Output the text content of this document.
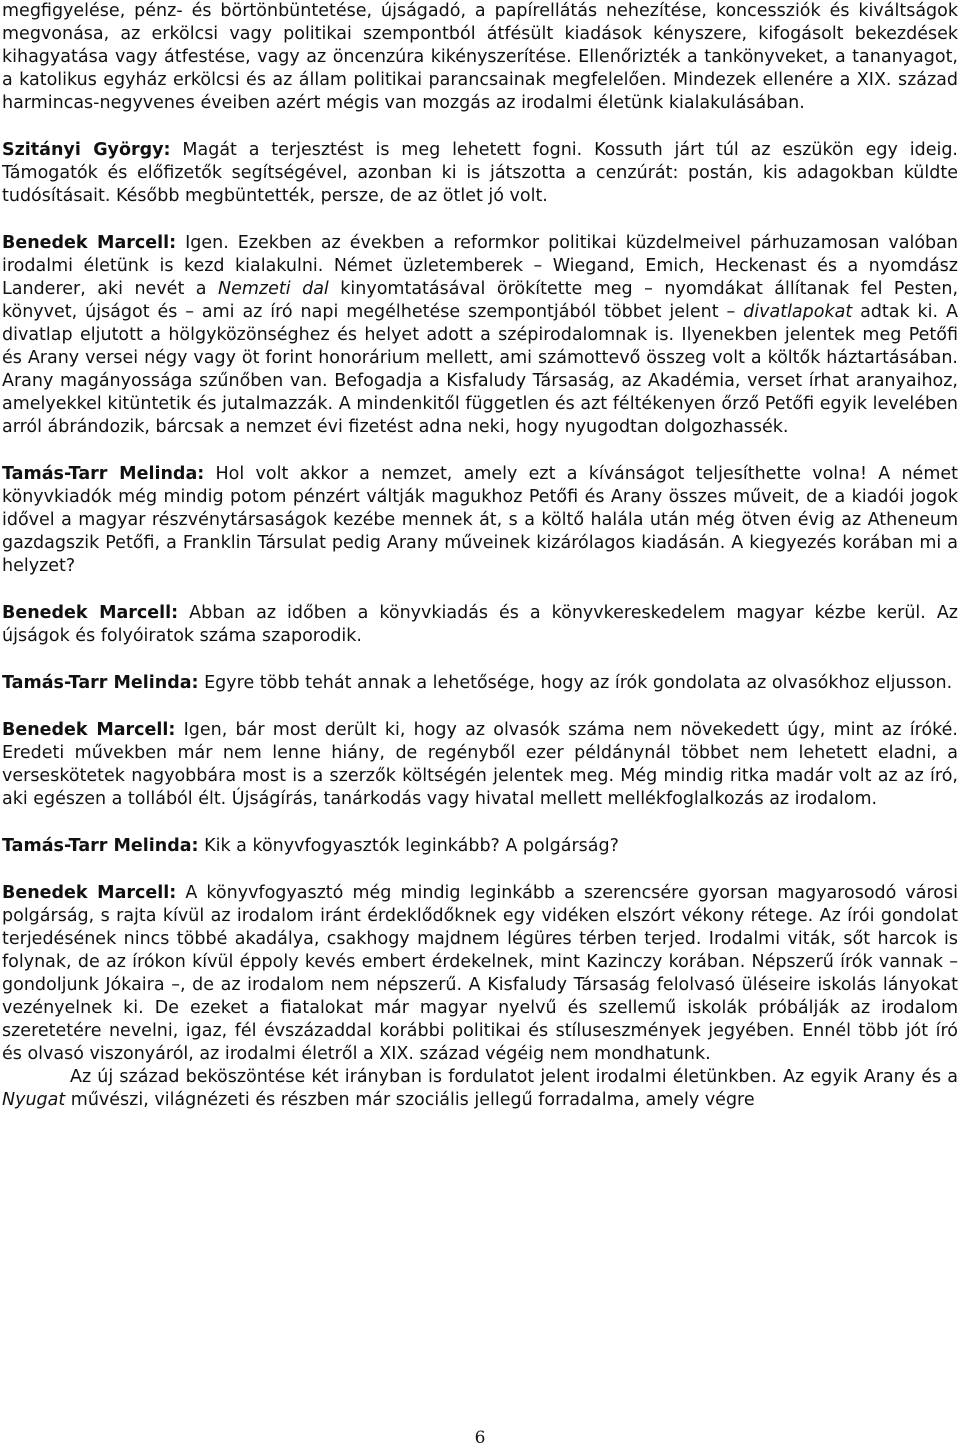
megfigyelése, pénz- és börtönbüntetése, újságadó, a papírellátás nehezítése, koncessziók és kiváltságok megvonása, az erkölcsi vagy politikai szempontból átfésült kiadások kényszere, kifogásolt bekezdések kihagyatása vagy átfestése, vagy az öncenzúra kikényszerítése. Ellenőrizték a tankönyveket, a tananyagot, a katolikus egyház erkölcsi és az állam politikai parancsainak megfelelően. Mindezek ellenére a XIX. század harmincas-negyvenes éveiben azért mégis van mozgás az irodalmi életünk kialakulásában.

Szitányi György: Magát a terjesztést is meg lehetett fogni. Kossuth járt túl az eszükön egy ideig. Támogatók és előfizetők segítségével, azonban ki is játszotta a cenzúrát: postán, kis adagokban küldte tudósításait. Később megbüntették, persze, de az ötlet jó volt.

Benedek Marcell: Igen. Ezekben az években a reformkor politikai küzdelmeivel párhuzamosan valóban irodalmi életünk is kezd kialakulni. Német üzletemberek – Wiegand, Emich, Heckenast és a nyomdász Landerer, aki nevét a Nemzeti dal kinyomtatásával örökítette meg – nyomdákat állítanak fel Pesten, könyvet, újságot és – ami az író napi megélhetése szempontjából többet jelent – divatlapokat adtak ki. A divatlap eljutott a hölgyközönséghez és helyet adott a szépirodalomnak is. Ilyenekben jelentek meg Petőfi és Arany versei négy vagy öt forint honorárium mellett, ami számottevő összeg volt a költők háztartásában. Arany magányossága szűnőben van. Befogadja a Kisfaludy Társaság, az Akadémia, verset írhat aranyaihoz, amelyekkel kitüntetik és jutalmazzák. A mindenkitől független és azt féltékenyen őrző Petőfi egyik levelében arról ábrándozik, bárcsak a nemzet évi fizetést adna neki, hogy nyugodtan dolgozhassék.

Tamás-Tarr Melinda: Hol volt akkor a nemzet, amely ezt a kívánságot teljesíthette volna! A német könyvkiadók még mindig potom pénzért váltják magukhoz Petőfi és Arany összes műveit, de a kiadói jogok idővel a magyar részvénytársaságok kezébe mennek át, s a költő halála után még ötven évig az Atheneum gazdagszik Petőfi, a Franklin Társulat pedig Arany műveinek kizárólagos kiadásán. A kiegyezés korában mi a helyzet?

Benedek Marcell: Abban az időben a könyvkiadás és a könyvkereskedelem magyar kézbe kerül. Az újságok és folyóiratok száma szaporodik.

Tamás-Tarr Melinda: Egyre több tehát annak a lehetősége, hogy az írók gondolata az olvasókhoz eljusson.

Benedek Marcell: Igen, bár most derült ki, hogy az olvasók száma nem növekedett úgy, mint az íróké. Eredeti művekben már nem lenne hiány, de regényből ezer példánynál többet nem lehetett eladni, a verseskötetek nagyobbára most is a szerzők költségén jelentek meg. Még mindig ritka madár volt az az író, aki egészen a tollából élt. Újságírás, tanárkodás vagy hivatal mellett mellékfoglalkozás az irodalom.

Tamás-Tarr Melinda: Kik a könyvfogyasztók leginkább? A polgárság?

Benedek Marcell: A könyvfogyasztó még mindig leginkább a szerencsére gyorsan magyarosodó városi polgárság, s rajta kívül az irodalom iránt érdeklődőknek egy vidéken elszórt vékony rétege. Az írói gondolat terjedésének nincs többé akadálya, csakhogy majdnem légüres térben terjed. Irodalmi viták, sőt harcok is folynak, de az írókon kívül éppoly kevés embert érdekelnek, mint Kazinczy korában. Népszerű írók vannak – gondoljunk Jókaira –, de az irodalom nem népszerű. A Kisfaludy Társaság felolvasó üléseire iskolás lányokat vezényelnek ki. De ezeket a fiatalokat már magyar nyelvű és szellemű iskolák próbálják az irodalom szeretetére nevelni, igaz, fél évszázaddal korábbi politikai és stíluseszmények jegyében. Ennél több jót író és olvasó viszonyáról, az irodalmi életről a XIX. század végéig nem mondhatunk.

Az új század beköszöntése két irányban is fordulatot jelent irodalmi életünkben. Az egyik Arany és a Nyugat művészi, világnézeti és részben már szociális jellegű forradalma, amely végre

6
